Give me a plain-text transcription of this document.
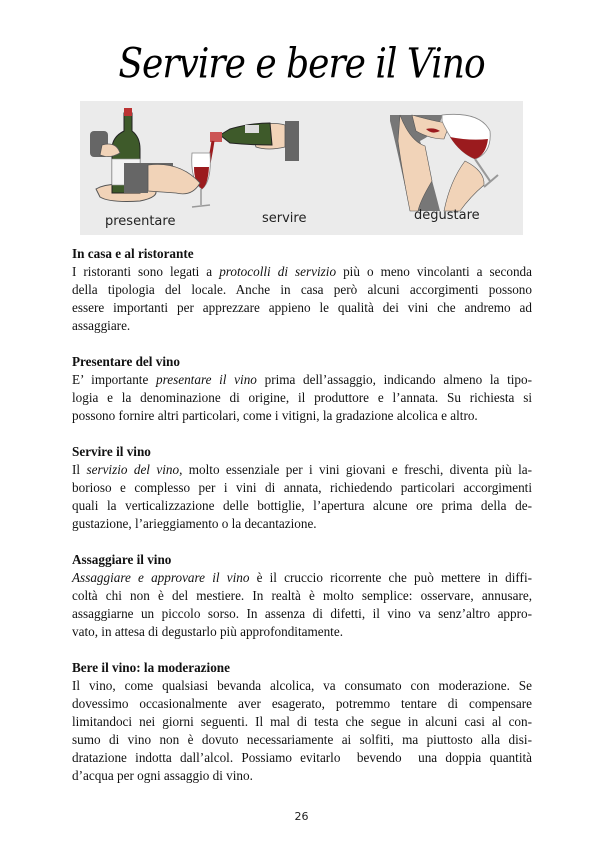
Servire e bere il Vino
presentare	servire	degustare
In casa e al ristorante
I ristoranti sono legati a protocolli di servizio più o meno vincolanti a seconda
della tipologia del locale. Anche in casa però alcuni accorgimenti possono
essere importanti per apprezzare appieno le qualità dei vini che andremo ad
assaggiare.
Presentare del vino
E’ importante presentare il vino prima dell’assaggio, indicando almeno la tipo-
logia e la denominazione di origine, il produttore e l’annata. Su richiesta si
possono fornire altri particolari, come i vitigni, la gradazione alcolica e altro.
Servire il vino
Il servizio del vino, molto essenziale per i vini giovani e freschi, diventa più la-
borioso e complesso per i vini di annata, richiedendo particolari accorgimenti
quali la verticalizzazione delle bottiglie, l’apertura alcune ore prima della de-
gustazione, l’arieggiamento o la decantazione.
Assaggiare il vino
Assaggiare e approvare il vino è il cruccio ricorrente che può mettere in diffi-
coltà chi non è del mestiere. In realtà è molto semplice: osservare, annusare,
assaggiarne un piccolo sorso. In assenza di difetti, il vino va senz’altro appro-
vato, in attesa di degustarlo più approfonditamente.
Bere il vino: la moderazione
Il vino, come qualsiasi bevanda alcolica, va consumato con moderazione. Se
dovessimo occasionalmente aver esagerato, potremmo tentare di compensare
limitandoci nei giorni seguenti. Il mal di testa che segue in alcuni casi al con-
sumo di vino non è dovuto necessariamente ai solfiti, ma piuttosto alla disi-
dratazione indotta dall’alcol. Possiamo evitarlo  bevendo  una doppia quantità
d’acqua per ogni assaggio di vino.
26
